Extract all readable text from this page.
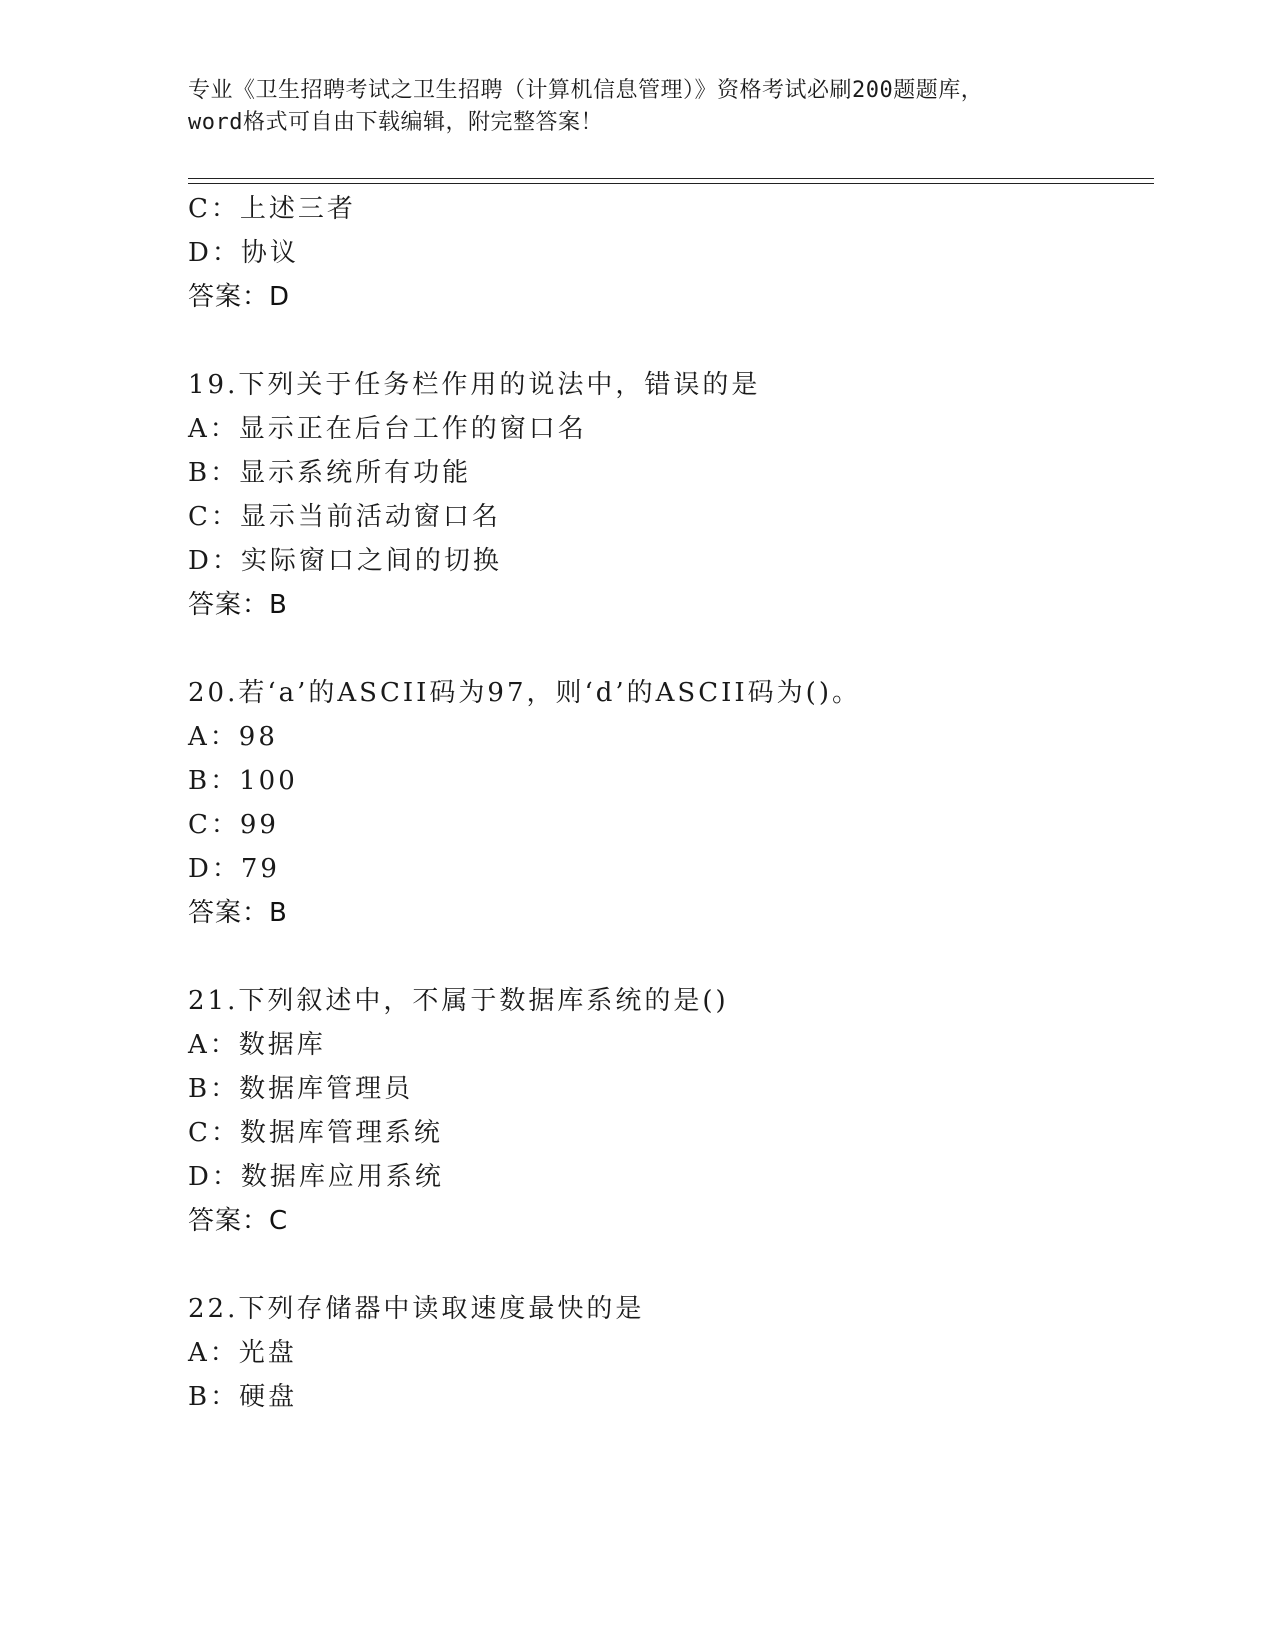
专业《卫生招聘考试之卫生招聘（计算机信息管理）》资格考试必刷200题题库，
word格式可自由下载编辑，附完整答案！
C：上述三者
D：协议
答案：D
19.下列关于任务栏作用的说法中，错误的是
A：显示正在后台工作的窗口名
B：显示系统所有功能
C：显示当前活动窗口名
D：实际窗口之间的切换
答案：B
20.若‘a’的ASCII码为97，则‘d’的ASCII码为()。
A：98
B：100
C：99
D：79
答案：B
21.下列叙述中，不属于数据库系统的是()
A：数据库
B：数据库管理员
C：数据库管理系统
D：数据库应用系统
答案：C
22.下列存储器中读取速度最快的是
A：光盘
B：硬盘
